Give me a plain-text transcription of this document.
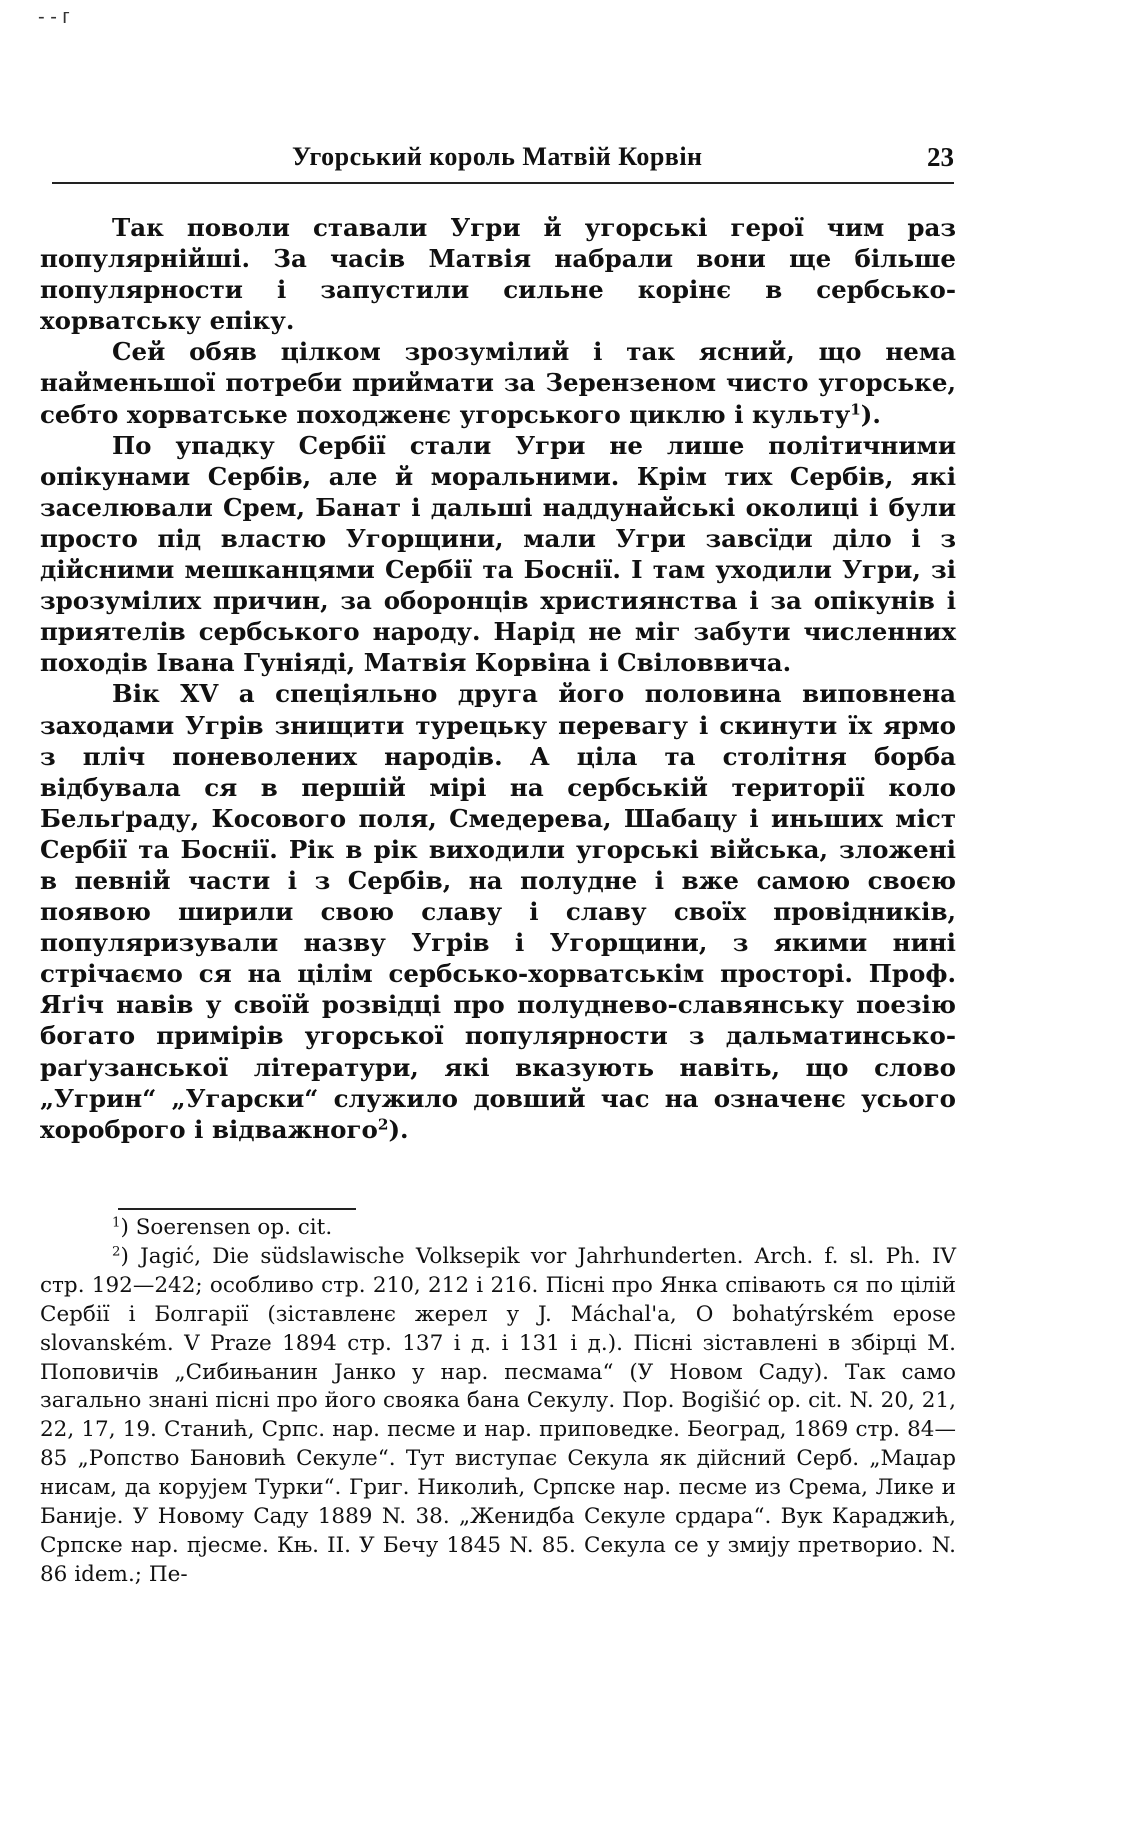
- - г
Угорський король Матвій Корвін	23

Так поволи ставали Угри й угорські герої чим раз популярнійші. За часів Матвія набрали вони ще більше популярности і запустили сильне корінє в сербсько-хорватську епіку.

Сей обяв цілком зрозумілий і так ясний, що нема найменьшої потреби приймати за Зерензеном чисто угорське, себто хорватське походженє угорського циклю і культу$^1$).

По упадку Сербії стали Угри не лише політичними опікунами Сербів, але й моральними. Крім тих Сербів, які заселювали Срем, Банат і дальші наддунайські околиці і були просто під властю Угорщини, мали Угри завсїди діло і з дійсними мешканцями Сербії та Боснії. І там уходили Угри, зі зрозумілих причин, за оборонців християнства і за опікунів і приятелів сербського народу. Нарід не міг забути численних походів Івана Гуніяді, Матвія Корвіна і Свіловвича.

Вік XV а спеціяльно друга його половина виповнена заходами Угрів знищити турецьку перевагу і скинути їх ярмо з пліч поневолених народів. А ціла та столітня борба відбувала ся в першій мірі на сербській території коло Бельґраду, Косового поля, Смедерева, Шабацу і иньших міст Сербії та Боснії. Рік в рік виходили угорські війська, зложені в певній части і з Сербів, на полудне і вже самою своєю появою ширили свою славу і славу своїх провідників, популяризували назву Угрів і Угорщини, з якими нині стрічаємо ся на цілім сербсько-хорватськім просторі. Проф. Яґіч навів у своїй розвідці про полуднево-славянську поезію богато примірів угорської популярности з дальматинсько-раґузанської літератури, які вказують навіть, що слово „Угрин“ „Угарски“ служило довший час на означенє усього хороброго і відважного$^2$).

$^1$) Soerensen op. cit.

$^2$) Jagić, Die südslawische Volksepik vor Jahrhunderten. Arch. f. sl. Ph. IV стр. 192—242; особливо стр. 210, 212 і 216. Пісні про Янка співають ся по цілій Сербії і Болгарії (зіставленє жерел у J. Máchal'a, O bohatýrském epose slovanském. V Praze 1894 стр. 137 і д. і 131 і д.). Пісні зіставлені в збірці М. Поповичів „Сибињанин Јанко у нар. песмама“ (У Новом Саду). Так само загально знані пісні про його свояка бана Секулу. Пор. Bogišić op. cit. N. 20, 21, 22, 17, 19. Станић, Српс. нар. песме и нар. приповедке. Београд, 1869 стр. 84—85 „Ропство Бановић Секуле“. Тут виступає Секула як дійсний Серб. „Маџар нисам, да коруjем Турки“. Григ. Николић, Српске нар. песме из Срема, Лике и Баније. У Новому Саду 1889 N. 38. „Женидба Секуле срдара“. Вук Караджић, Српске нар. пјесме. Књ. II. У Бечу 1845 N. 85. Секула се у змију претворио. N. 86 idem.; Пе-
